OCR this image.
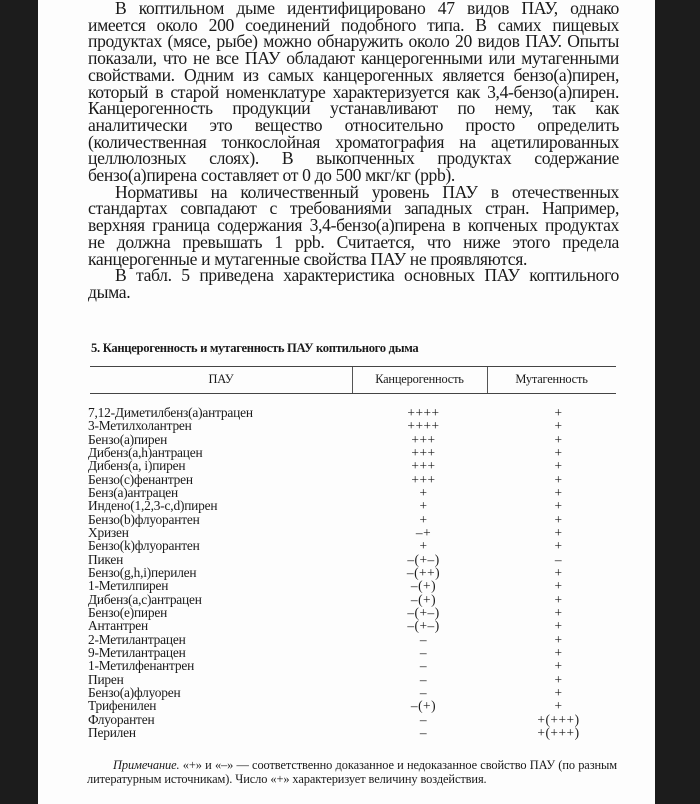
В коптильном дыме идентифицировано 47 видов ПАУ, однако имеется около 200 соединений подобного типа. В самих пищевых продуктах (мясе, рыбе) можно обнаружить около 20 видов ПАУ. Опыты показали, что не все ПАУ обладают канцерогенными или мутагенными свойствами. Одним из самых канцерогенных является бензо(а)пирен, который в старой номенклатуре характеризуется как 3,4-бензо(а)пирен. Канцерогенность продукции устанавливают по нему, так как аналитически это вещество относительно просто определить (количественная тонкослойная хроматография на ацетилированных целлюлозных слоях). В выкопченных продуктах содержание бензо(а)пирена составляет от 0 до 500 мкг/кг (ppb).

Нормативы на количественный уровень ПАУ в отечественных стандартах совпадают с требованиями западных стран. Например, верхняя граница содержания 3,4-бензо(а)пирена в копченых продуктах не должна превышать 1 ppb. Считается, что ниже этого предела канцерогенные и мутагенные свойства ПАУ не проявляются.

В табл. 5 приведена характеристика основных ПАУ коптильного дыма.

5. Канцерогенность и мутагенность ПАУ коптильного дыма
ПАУ	Канцерогенность	Мутагенность
7,12-Диметилбенз(а)антрацен	++++	+
3-Метилхолантрен	++++	+
Бензо(а)пирен	+++	+
Дибенз(a,h)антрацен	+++	+
Дибенз(а, i)пирен	+++	+
Бензо(с)фенантрен	+++	+
Бенз(а)антрацен	+	+
Индено(1,2,3-с,d)пирен	+	+
Бензо(b)флуорантен	+	+
Хризен	–+	+
Бензо(k)флуорантен	+	+
Пикен	–(+–)	–
Бензо(g,h,i)перилен	–(++)	+
1-Метилпирен	–(+)	+
Дибенз(а,с)антрацен	–(+)	+
Бензо(е)пирен	–(+–)	+
Антантрен	–(+–)	+
2-Метилантрацен	–	+
9-Метилантрацен	–	+
1-Метилфенантрен	–	+
Пирен	–	+
Бензо(а)флуорен	–	+
Трифенилен	–(+)	+
Флуорантен	–	+(+++)
Перилен	–	+(+++)
Примечание. «+» и «–» — соответственно доказанное и недоказанное свойство ПАУ (по разным литературным источникам). Число «+» характеризует величину воздействия.
